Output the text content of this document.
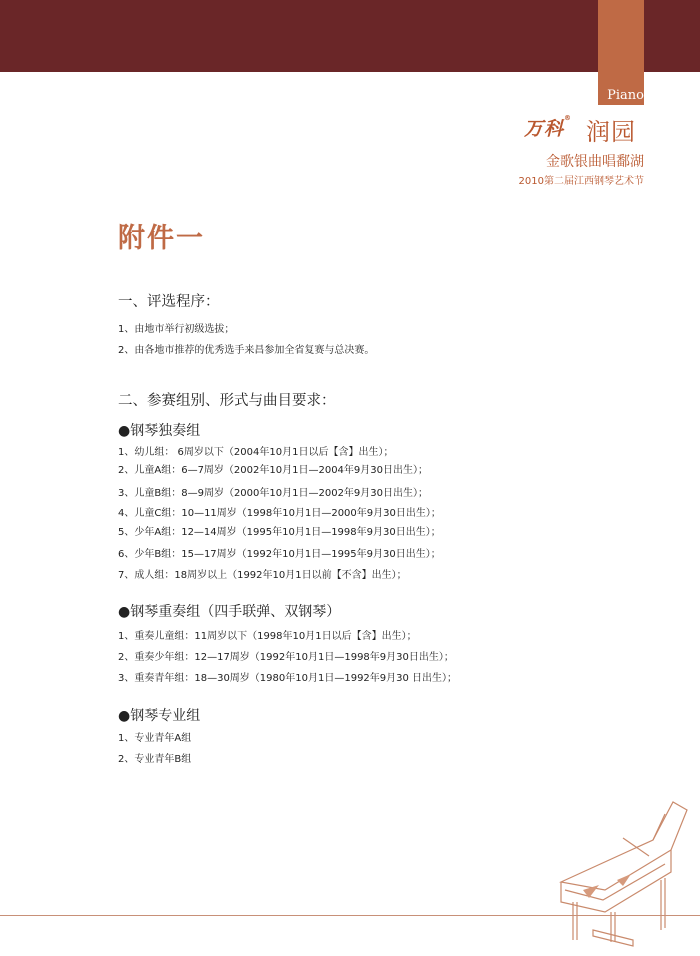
Piano
万科® 润园
金歌银曲唱鄱湖
2010第二届江西钢琴艺术节
附件一
一、评选程序：
1、由地市举行初级选拔；
2、由各地市推荐的优秀选手来昌参加全省复赛与总决赛。
二、参赛组别、形式与曲目要求：
●钢琴独奏组
1、幼儿组： 6周岁以下（2004年10月1日以后【含】出生）；
2、儿童A组：6—7周岁（2002年10月1日—2004年9月30日出生）；
3、儿童B组：8—9周岁（2000年10月1日—2002年9月30日出生）；
4、儿童C组：10—11周岁（1998年10月1日—2000年9月30日出生）；
5、少年A组：12—14周岁（1995年10月1日—1998年9月30日出生）；
6、少年B组：15—17周岁（1992年10月1日—1995年9月30日出生）；
7、成人组：18周岁以上（1992年10月1日以前【不含】出生）；
●钢琴重奏组（四手联弹、双钢琴）
1、重奏儿童组：11周岁以下（1998年10月1日以后【含】出生）；
2、重奏少年组：12—17周岁（1992年10月1日—1998年9月30日出生）；
3、重奏青年组：18—30周岁（1980年10月1日—1992年9月30 日出生）；
●钢琴专业组
1、专业青年A组
2、专业青年B组
